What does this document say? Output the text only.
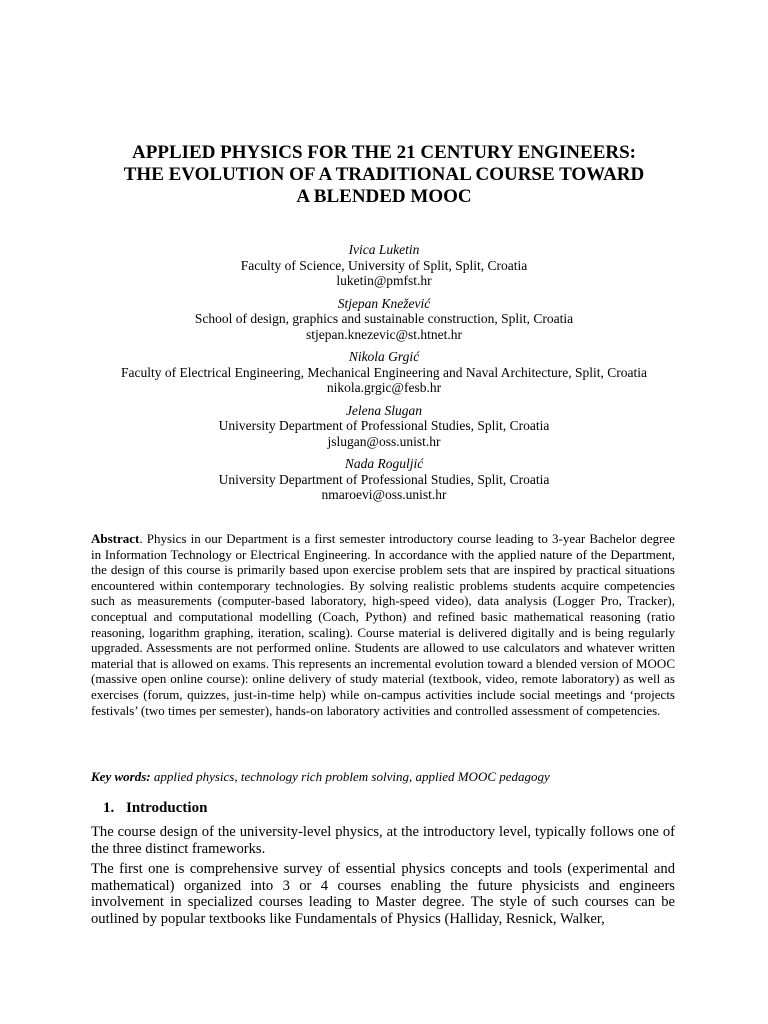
APPLIED PHYSICS FOR THE 21 CENTURY ENGINEERS:
THE EVOLUTION OF A TRADITIONAL COURSE TOWARD
A BLENDED MOOC
Ivica Luketin
Faculty of Science, University of Split, Split, Croatia
luketin@pmfst.hr
Stjepan Knežević
School of design, graphics and sustainable construction, Split, Croatia
stjepan.knezevic@st.htnet.hr
Nikola Grgić
Faculty of Electrical Engineering, Mechanical Engineering and Naval Architecture, Split, Croatia
nikola.grgic@fesb.hr
Jelena Slugan
University Department of Professional Studies, Split, Croatia
jslugan@oss.unist.hr
Nada Roguljić
University Department of Professional Studies, Split, Croatia
nmaroevi@oss.unist.hr

Abstract. Physics in our Department is a first semester introductory course leading to 3-year Bachelor degree in Information Technology or Electrical Engineering. In accordance with the applied nature of the Department, the design of this course is primarily based upon exercise problem sets that are inspired by practical situations encountered within contemporary technologies. By solving realistic problems students acquire competencies such as measurements (computer-based laboratory, high-speed video), data analysis (Logger Pro, Tracker), conceptual and computational modelling (Coach, Python) and refined basic mathematical reasoning (ratio reasoning, logarithm graphing, iteration, scaling). Course material is delivered digitally and is being regularly upgraded. Assessments are not performed online. Students are allowed to use calculators and whatever written material that is allowed on exams. This represents an incremental evolution toward a blended version of MOOC (massive open online course): online delivery of study material (textbook, video, remote laboratory) as well as exercises (forum, quizzes, just-in-time help) while on-campus activities include social meetings and ‘projects festivals’ (two times per semester), hands-on laboratory activities and controlled assessment of competencies.

Key words: applied physics, technology rich problem solving, applied MOOC pedagogy

1. Introduction

The course design of the university-level physics, at the introductory level, typically follows one of the three distinct frameworks.

The first one is comprehensive survey of essential physics concepts and tools (experimental and mathematical) organized into 3 or 4 courses enabling the future physicists and engineers involvement in specialized courses leading to Master degree. The style of such courses can be outlined by popular textbooks like Fundamentals of Physics (Halliday, Resnick, Walker,
